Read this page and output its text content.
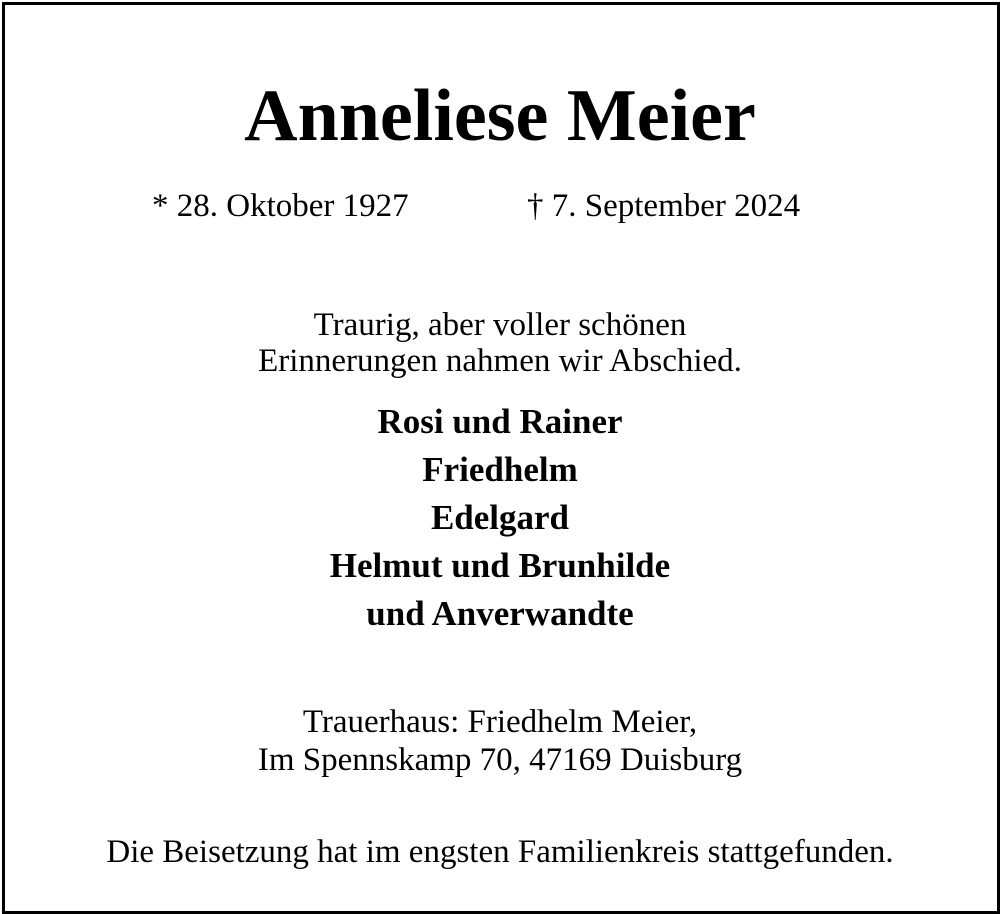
Anneliese Meier
* 28. Oktober 1927	† 7. September 2024
Traurig, aber voller schönen
Erinnerungen nahmen wir Abschied.
Rosi und Rainer
Friedhelm
Edelgard
Helmut und Brunhilde
und Anverwandte
Trauerhaus: Friedhelm Meier,
Im Spennskamp 70, 47169 Duisburg
Die Beisetzung hat im engsten Familienkreis stattgefunden.
